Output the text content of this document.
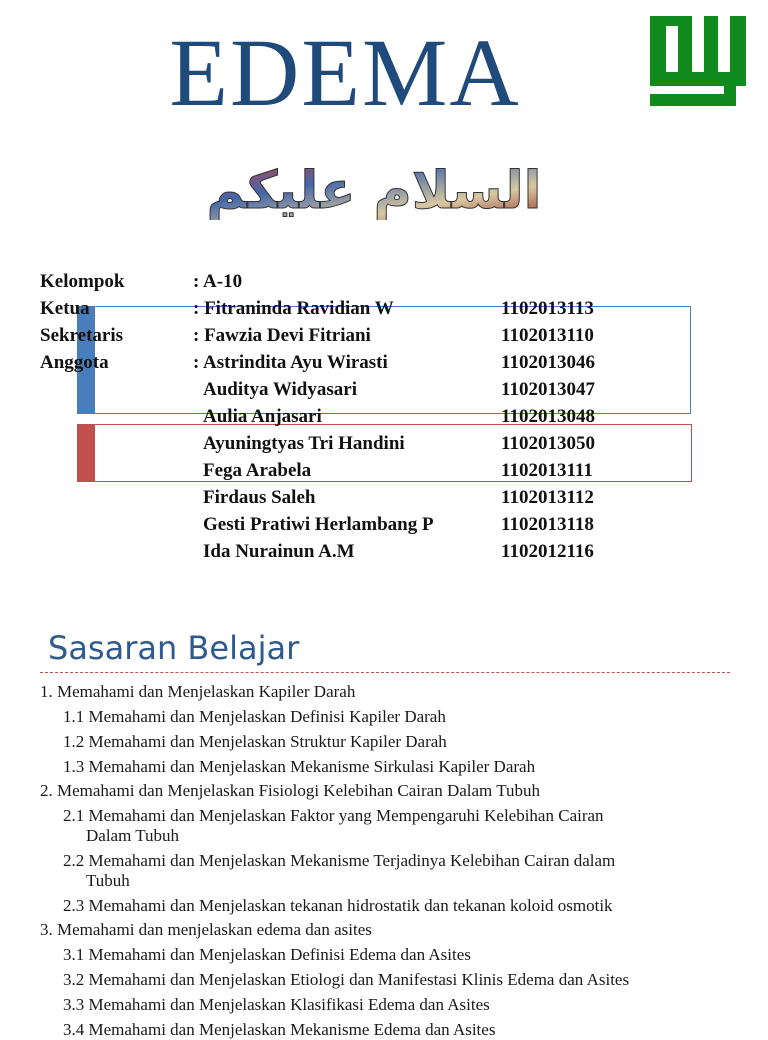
EDEMA
السلام عليكم
Kelompok	: A-10
Ketua	: Fitraninda Ravidian W	1102013113
Sekretaris	: Fawzia Devi Fitriani	1102013110
Anggota	: Astrindita Ayu Wirasti	1102013046
Auditya Widyasari	1102013047
Aulia Anjasari	1102013048
Ayuningtyas Tri Handini	1102013050
Fega Arabela	1102013111
Firdaus Saleh	1102013112
Gesti Pratiwi Herlambang P	1102013118
Ida Nurainun A.M	1102012116
Sasaran Belajar

1. Memahami dan Menjelaskan Kapiler Darah

1.1 Memahami dan Menjelaskan Definisi Kapiler Darah

1.2 Memahami dan Menjelaskan Struktur Kapiler Darah

1.3 Memahami dan Menjelaskan Mekanisme Sirkulasi Kapiler Darah

2. Memahami dan Menjelaskan Fisiologi Kelebihan Cairan Dalam Tubuh

2.1 Memahami dan Menjelaskan Faktor yang Mempengaruhi Kelebihan Cairan
Dalam Tubuh

2.2 Memahami dan Menjelaskan Mekanisme Terjadinya Kelebihan Cairan dalam
Tubuh

2.3 Memahami dan Menjelaskan tekanan hidrostatik dan tekanan koloid osmotik

3. Memahami dan menjelaskan edema dan asites

3.1 Memahami dan Menjelaskan Definisi Edema dan Asites

3.2 Memahami dan Menjelaskan Etiologi dan Manifestasi Klinis Edema dan Asites

3.3 Memahami dan Menjelaskan Klasifikasi Edema dan Asites

3.4 Memahami dan Menjelaskan Mekanisme Edema dan Asites
